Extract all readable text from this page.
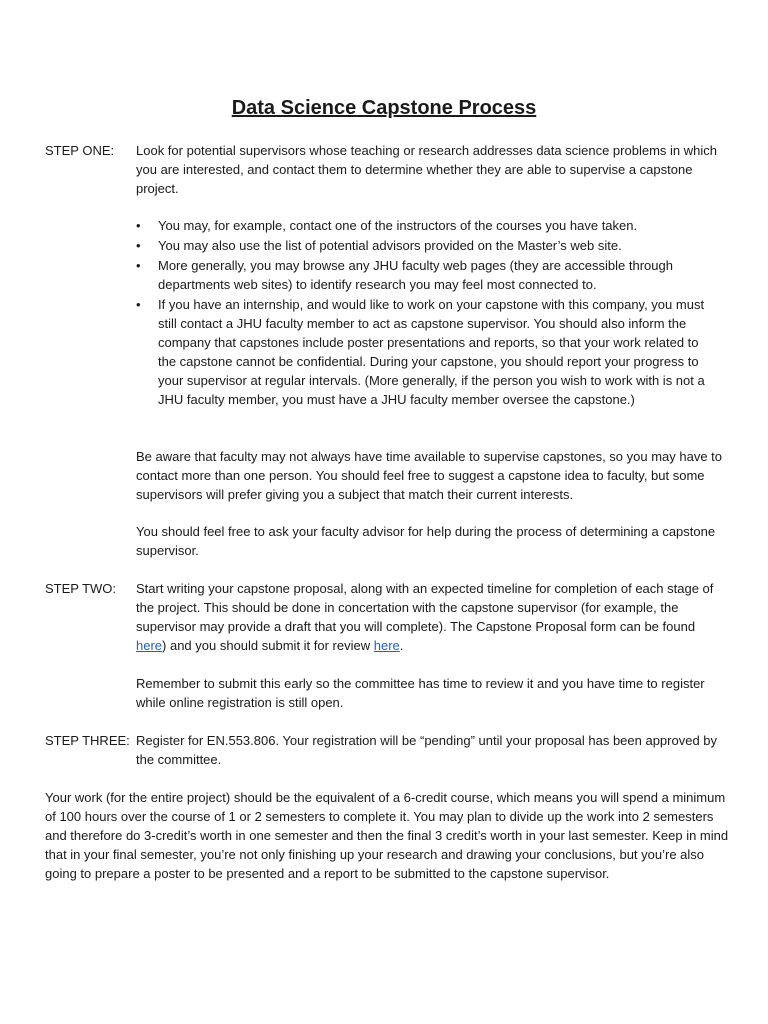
Data Science Capstone Process
STEP ONE: Look for potential supervisors whose teaching or research addresses data science problems in which you are interested, and contact them to determine whether they are able to supervise a capstone project.

• You may, for example, contact one of the instructors of the courses you have taken.
• You may also use the list of potential advisors provided on the Master’s web site.
• More generally, you may browse any JHU faculty web pages (they are accessible through departments web sites) to identify research you may feel most connected to.
• If you have an internship, and would like to work on your capstone with this company, you must still contact a JHU faculty member to act as capstone supervisor. You should also inform the company that capstones include poster presentations and reports, so that your work related to the capstone cannot be confidential. During your capstone, you should report your progress to your supervisor at regular intervals. (More generally, if the person you wish to work with is not a JHU faculty member, you must have a JHU faculty member oversee the capstone.)

Be aware that faculty may not always have time available to supervise capstones, so you may have to contact more than one person. You should feel free to suggest a capstone idea to faculty, but some supervisors will prefer giving you a subject that match their current interests.

You should feel free to ask your faculty advisor for help during the process of determining a capstone supervisor.

STEP TWO: Start writing your capstone proposal, along with an expected timeline for completion of each stage of the project. This should be done in concertation with the capstone supervisor (for example, the supervisor may provide a draft that you will complete). The Capstone Proposal form can be found here) and you should submit it for review here.

Remember to submit this early so the committee has time to review it and you have time to register while online registration is still open.

STEP THREE: Register for EN.553.806. Your registration will be “pending” until your proposal has been approved by the committee.

Your work (for the entire project) should be the equivalent of a 6-credit course, which means you will spend a minimum of 100 hours over the course of 1 or 2 semesters to complete it. You may plan to divide up the work into 2 semesters and therefore do 3-credit’s worth in one semester and then the final 3 credit’s worth in your last semester. Keep in mind that in your final semester, you’re not only finishing up your research and drawing your conclusions, but you’re also going to prepare a poster to be presented and a report to be submitted to the capstone supervisor.
